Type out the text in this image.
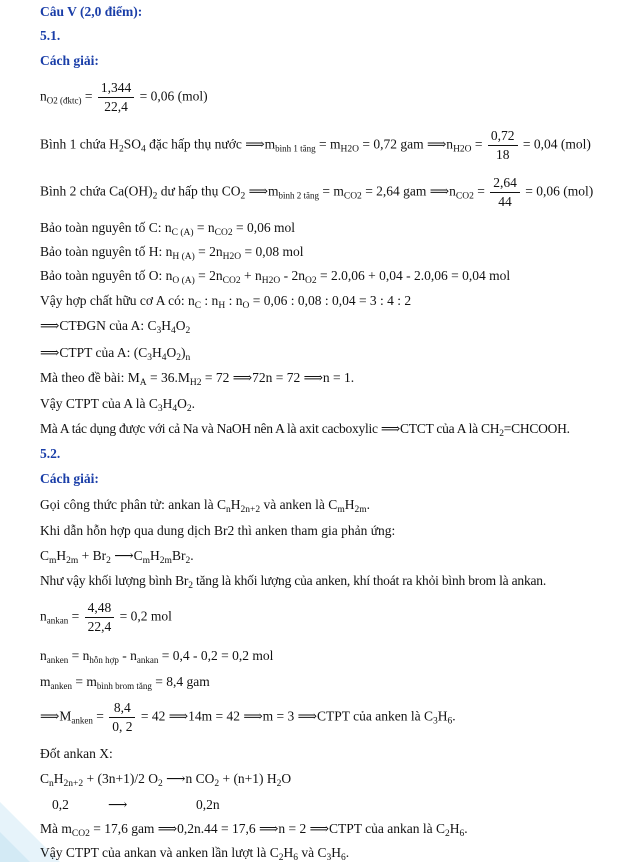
Câu V (2,0 điểm):
5.1.
Cách giải:
$n_{O2 (đktc)} = \frac{1,344}{22,4} = 0,06$ (mol)
Bình 1 chứa $H_2SO_4$ đặc hấp thụ nước $⟹m_{bình 1 tăng} = m_{H2O} = 0,72$ gam $⟹n_{H2O} = \frac{0,72}{18} = 0,04$ (mol)
Bình 2 chứa $Ca(OH)_2$ dư hấp thụ $CO_2$ $⟹m_{bình 2 tăng} = m_{CO2} = 2,64$ gam $⟹n_{CO2} = \frac{2,64}{44} = 0,06$ (mol)
Bảo toàn nguyên tố C: $n_{C (A)} = n_{CO2} = 0,06$ mol
Bảo toàn nguyên tố H: $n_{H (A)} = 2n_{H2O} = 0,08$ mol
Bảo toàn nguyên tố O: $n_{O (A)} = 2n_{CO2} + n_{H2O} - 2n_{O2} = 2.0,06 + 0,04 - 2.0,06 = 0,04$ mol
Vậy hợp chất hữu cơ A có: $n_C$ : $n_H$ : $n_O = 0,06$ : 0,08 : 0,04 = 3 : 4 : 2
⟹CTĐGN của A: $C_3H_4O_2$
⟹CTPT của A: $(C_3H_4O_2)_n$
Mà theo đề bài: $M_A = 36.M_{H2} = 72$ ⟹72n = 72 ⟹n = 1.
Vậy CTPT của A là $C_3H_4O_2$.
Mà A tác dụng được với cả Na và NaOH nên A là axit cacboxylic ⟹CTCT của A là $CH_2=CHCOOH$.
5.2.
Cách giải:
Gọi công thức phân tử: ankan là $C_nH_{2n+2}$ và anken là $C_mH_{2m}$.
Khi dẫn hỗn hợp qua dung dịch Br2 thì anken tham gia phản ứng:
$C_mH_{2m} + Br_2$ $⟶C_mH_{2m}Br_2$.
Như vậy khối lượng bình $Br_2$ tăng là khối lượng của anken, khí thoát ra khỏi bình brom là ankan.
$n_{ankan} = \frac{4,48}{22,4} = 0,2$ mol
$n_{anken} = n_{hỗn hợp} - n_{ankan} = 0,4 - 0,2 = 0,2$ mol
$m_{anken} = m_{bình brom tăng} = 8,4$ gam
$⟹M_{anken} = \frac{8,4}{0, 2} = 42$ ⟹14m = 42 ⟹m = 3 ⟹CTPT của anken là $C_3H_6$.
Đốt ankan X:
$C_nH_{2n+2} + (3n+1)/2$ $O_2$ ⟶n $CO_2 + (n+1)$ $H_2O$
0,2	⟶	0,2n
Mà $m_{CO2} = 17,6$ gam ⟹0,2n.44 = 17,6 ⟹n = 2 ⟹CTPT của ankan là $C_2H_6$.
Vậy CTPT của ankan và anken lần lượt là $C_2H_6$ và $C_3H_6$.
